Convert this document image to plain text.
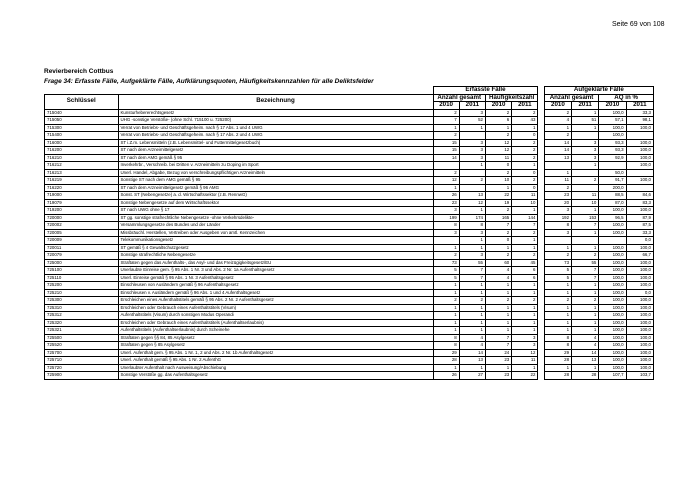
Seite 69 von 108
Revierbereich Cottbus
Frage 34: Erfasste Fälle, Aufgeklärte Fälle, Aufklärungsquoten, Häufigkeitskennzahlen für alle Deliktsfelder
		Erfasste Fälle					Aufgeklärte Fälle			
Schlüssel	Bezeichnung	Anzahl gesamt		Häufigkeitszahl			Anzahl gesamt		AQ in %	
		2010	2011	2010	2011		2010	2011	2010	2011
715040	Kunsturhebererechtsgesetz	2	3	2	2		2	1	100,0	33,3
715050	UHG -sonstige Verstöße- (ohne Schl. 715100 u. 725200)	7	52	6	43		4	51	57,1	98,1
715300	Verrat von Betriebs- und Geschäftsgeheim. nach § 17 Abs. 1 und 4 UWG	1	1	1	1		1	1	100,0	100,0
715400	Verrat von Betriebs- und Geschäftsgeheim. nach § 17 Abs. 2 und 4 UWG	2		2	0		2		100,0	
716000	ST i.Z.m. Lebensmitteln (z.B. Lebensmittel- und Futtermittelgesetzbuch)	15	3	12	2		14	3	93,3	100,0
716200	ST nach dem Arzneimittelgesetz	15	3	12	2		14	3	93,3	100,0
716210	ST nach dem AMG gemäß § 95	14	3	11	2		13	3	92,9	100,0
716212	Inverkehrbr., Verschreib. bei Dritten v. Arzneimitteln zu Doping im Sport		1	0	1			1		100,0
716213	Unerl. Handel, Abgabe, Bezug von verschreibungspflichtigen Arzneimitteln	2		2	0		1		50,0	
716219	Sonstige ST nach dem AMG gemäß § 95	12	2	10	2		11	2	91,7	100,0
716220	ST nach dem Arzneimittelgesetz gemäß § 96 AMG	1		1	0		2		200,0	
719000	Sonst. ST (Nebengesetze) a. d. Wirtschaftssektor (z.B. RennwG)	26	13	22	11		23	11	88,5	84,6
719079	Sonstige Nebengesetze auf dem Wirtschaftssektor	23	12	19	10		20	10	87,0	83,3
719200	ST nach UWG ohne § 17	3	1	2	1		3	1	100,0	100,0
720000	ST gg. sonstige strafrechtliche Nebengesetze -ohne Verkehrsdelikte-	199	174	165	144		192	153	96,5	87,9
720002	Versammlungsgesetze des Bundes und der Länder	8	8	7	7		8	7	100,0	87,5
720005	Missbräuchl. Herstellen, Vertreiben oder Ausgeben von amtl. Kennzeichen	3	3	2	2		3	1	100,0	33,3
720009	Telekommunikationsgesetz		1	0	1					0,0
720011	ST gemäß § 4 Gewaltschutzgesetz	1	1	1	1		1	1	100,0	100,0
720079	Sonstige strafrechtliche Nebengesetze	2	3	2	2		2	2	100,0	66,7
725000	Straftaten gegen das Aufenthalts-, das Asyl- und das Freizügigkeitsgesetz/EU	73	55	60	45		73	55	100,0	100,0
725100	Unerlaubte Einreise gem. § 95 Abs. 1 Nr. 3 und Abs. 2 Nr. 1a Aufenthaltsgesetz	5	7	4	6		5	7	100,0	100,0
725110	Unerl. Einreise gemäß § 95 Abs. 1 Nr. 3 Aufenthaltsgesetz	5	7	4	6		5	7	100,0	100,0
725200	Einschleusen von Ausländern gemäß § 96 Aufenthaltsgesetz	1	1	1	1		1	1	100,0	100,0
725210	Einschleusen v. Ausländern gemäß § 96 Abs. 1 und 4 Aufenthaltsgesetz	1	1	1	1		1	1	100,0	0,0
725300	Erschleichen eines Aufenthaltstitels gemäß § 95 Abs. 2 Nr. 2 Aufenthaltsgesetz	2	2	2	2		2	2	100,0	100,0
725310	Erschleichen oder Gebrauch eines Aufenthaltstitels (Visum)	1	1	1	1		1	1	100,0	100,0
725312	Aufenthaltstitels (Visum) durch sonstigen Modus Operandi	1	1	1	1		1	1	100,0	100,0
725320	Erschleichen oder Gebrauch eines Aufenthaltstitels (Aufenthaltserlaubnis)	1	1	1	1		1	1	100,0	100,0
725321	Aufenthaltstitels (Aufenthaltserlaubnis) durch Scheinehe	1	1	1	1		1	1	100,0	100,0
725500	Straftaten gegen §§ 84, 85 Asylgesetz	8	4	7	3		8	4	100,0	100,0
725520	Straftaten gegen § 85 Asylgesetz	8	4	7	3		8	4	100,0	100,0
725700	Unerl. Aufenthalt gem. § 95 Abs. 1 Nr. 1, 2 und Abs. 2 Nr. 1b Aufenthaltsgesetz	29	14	24	12		29	14	100,0	100,0
725710	Unerl. Aufenthalt gemäß § 95 Abs. 1 Nr. 2 AufenthG	28	13	23	11		28	13	100,0	100,0
725720	Unerlaubter Aufenthalt nach Ausweisung/Abschiebung	1	1	1	1		1	1	100,0	100,0
725900	Sonstige Verstöße gg. das Aufenthaltsgesetz	26	27	23	22		28	28	107,7	103,7
